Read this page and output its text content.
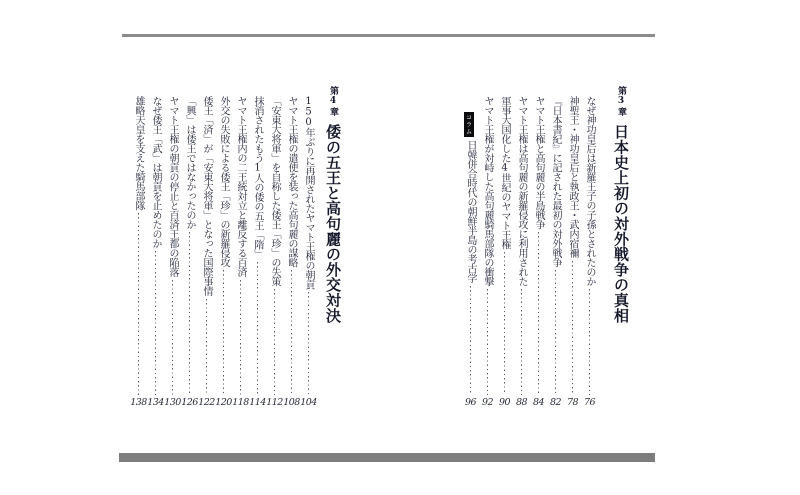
第3章日本史上初の対外戦争の真相
なぜ神功皇后は新羅王子の子孫とされたのか
76
神聖王・神功皇后と執政王・武内宿禰
78
『日本書紀』に記された最初の対外戦争
82
ヤマト王権と高句麗の半島戦争
84
ヤマト王権は高句麗の新羅侵攻に利用された
88
軍事大国化した4世紀のヤマト王権
90
ヤマト王権が対峙した高句麗騎馬部隊の衝撃
92
コラム
日韓併合時代の朝鮮半島の考古学
96
第4章倭の五王と高句麗の外交対決
150年ぶりに再開されたヤマト王権の朝貢
104
ヤマト王権の遣使を装った高句麗の謀略
108
「安東大将軍」を自称した倭王「珍」の失策
112
抹消されたもう1人の倭の五王「隋」
114
ヤマト王権内の二王統対立と離反する百済
118
外交の失敗による倭王「珍」の新羅侵攻
120
倭王「済」が「安東大将軍」となった国際事情
122
「興」は倭王ではなかったのか
126
ヤマト王権の朝貢の停止と百済王都の陥落
130
なぜ倭王「武」は朝貢を止めたのか
134
雄略天皇を支えた騎馬部隊
138
